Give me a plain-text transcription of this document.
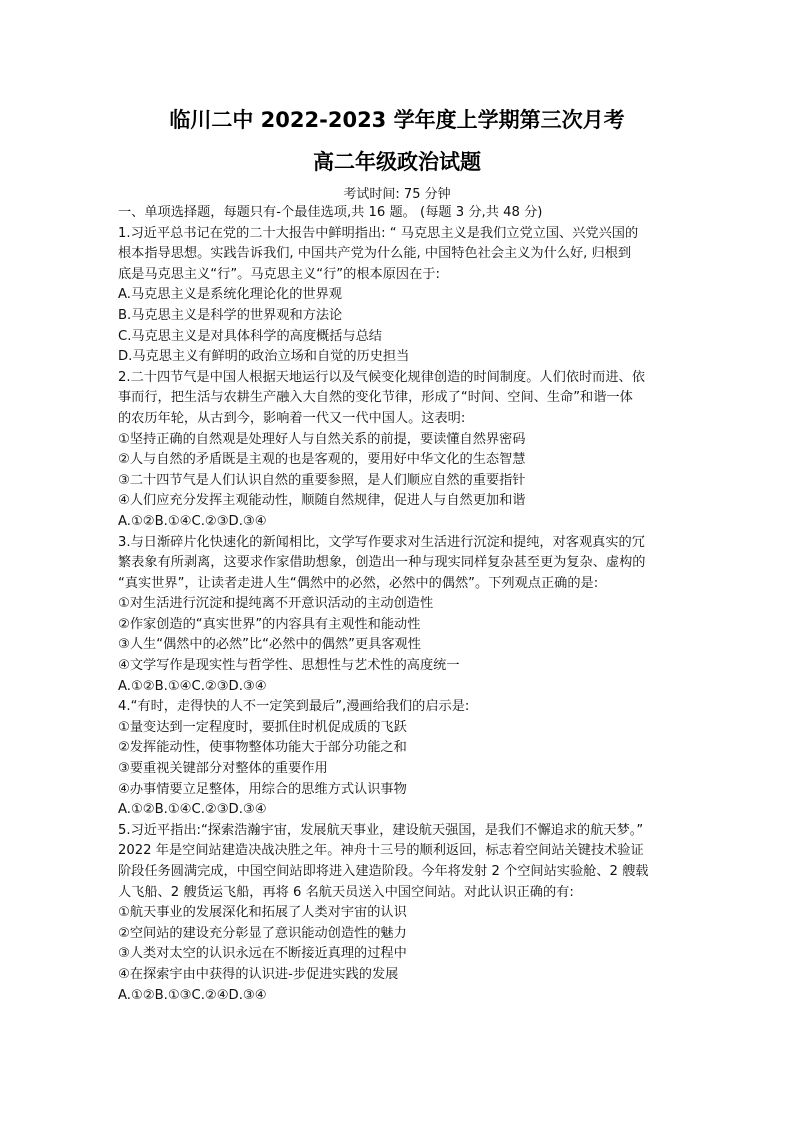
临川二中 2022-2023 学年度上学期第三次月考
高二年级政治试题
考试时间: 75 分钟
一、单项选择题，每题只有-个最佳选项,共 16 题。 (每题 3 分,共 48 分)
1.习近平总书记在党的二十大报告中鲜明指出: “ 马克思主义是我们立党立国、兴党兴国的
根本指导思想。实践告诉我们, 中国共产党为什么能, 中国特色社会主义为什么好, 归根到
底是马克思主义“行”。马克思主义“行”的根本原因在于:
A.马克思主义是系统化理论化的世界观
B.马克思主义是科学的世界观和方法论
C.马克思主义是对具体科学的高度概括与总结
D.马克思主义有鲜明的政治立场和自觉的历史担当
2.二十四节气是中国人根据天地运行以及气候变化规律创造的时间制度。人们依时而进、依
事而行，把生活与农耕生产融入大自然的变化节律，形成了“时间、空间、生命”和谐一体
的农历年轮，从古到今，影响着一代又一代中国人。这表明:
①坚持正确的自然观是处理好人与自然关系的前提，要读懂自然界密码
②人与自然的矛盾既是主观的也是客观的，要用好中华文化的生态智慧
③二十四节气是人们认识自然的重要参照，是人们顺应自然的重要指针
④人们应充分发挥主观能动性，顺随自然规律，促进人与自然更加和谐
A.①②B.①④C.②③D.③④
3.与日渐碎片化快速化的新闻相比，文学写作要求对生活进行沉淀和提纯，对客观真实的冗
繁表象有所剥离，这要求作家借助想象，创造出一种与现实同样复杂甚至更为复杂、虚构的
“真实世界”，让读者走进人生“偶然中的必然，必然中的偶然”。下列观点正确的是:
①对生活进行沉淀和提纯离不开意识活动的主动创造性
②作家创造的“真实世界”的内容具有主观性和能动性
③人生“偶然中的必然”比“必然中的偶然”更具客观性
④文学写作是现实性与哲学性、思想性与艺术性的高度统一
A.①②B.①④C.②③D.③④
4.“有时，走得快的人不一定笑到最后”,漫画给我们的启示是:
①量变达到一定程度时，要抓住时机促成质的飞跃
②发挥能动性，使事物整体功能大于部分功能之和
③要重视关键部分对整体的重要作用
④办事情要立足整体，用综合的思维方式认识事物
A.①②B.①④C.②③D.③④
5.习近平指出:“探索浩瀚宇宙，发展航天事业，建设航天强国，是我们不懈追求的航天梦。”
2022 年是空间站建造决战决胜之年。神舟十三号的顺利返回，标志着空间站关键技术验证
阶段任务圆满完成，中国空间站即将进入建造阶段。今年将发射 2 个空间站实验舱、2 艘载
人飞船、2 艘货运飞船，再将 6 名航天员送入中国空间站。对此认识正确的有:
①航天事业的发展深化和拓展了人类对宇宙的认识
②空间站的建设充分彰显了意识能动创造性的魅力
③人类对太空的认识永远在不断接近真理的过程中
④在探索宇由中获得的认识进-步促进实践的发展
A.①②B.①③C.②④D.③④
